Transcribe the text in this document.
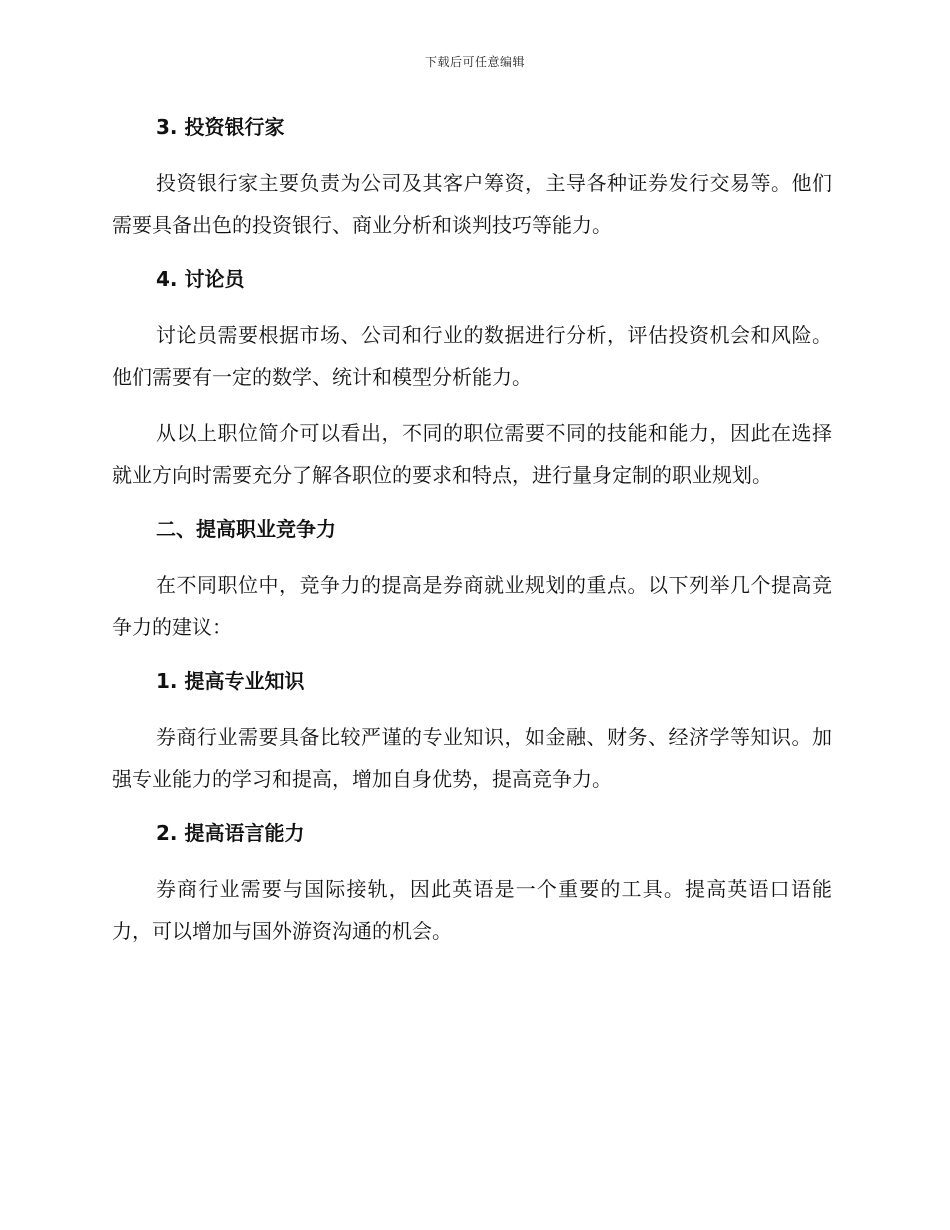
下载后可任意编辑
3. 投资银行家

投资银行家主要负责为公司及其客户筹资，主导各种证券发行交易等。他们需要具备出色的投资银行、商业分析和谈判技巧等能力。

4. 讨论员

讨论员需要根据市场、公司和行业的数据进行分析，评估投资机会和风险。他们需要有一定的数学、统计和模型分析能力。

从以上职位简介可以看出，不同的职位需要不同的技能和能力，因此在选择就业方向时需要充分了解各职位的要求和特点，进行量身定制的职业规划。

二、提高职业竞争力

在不同职位中，竞争力的提高是券商就业规划的重点。以下列举几个提高竞争力的建议：

1. 提高专业知识

券商行业需要具备比较严谨的专业知识，如金融、财务、经济学等知识。加强专业能力的学习和提高，增加自身优势，提高竞争力。

2. 提高语言能力

券商行业需要与国际接轨，因此英语是一个重要的工具。提高英语口语能力，可以增加与国外游资沟通的机会。
